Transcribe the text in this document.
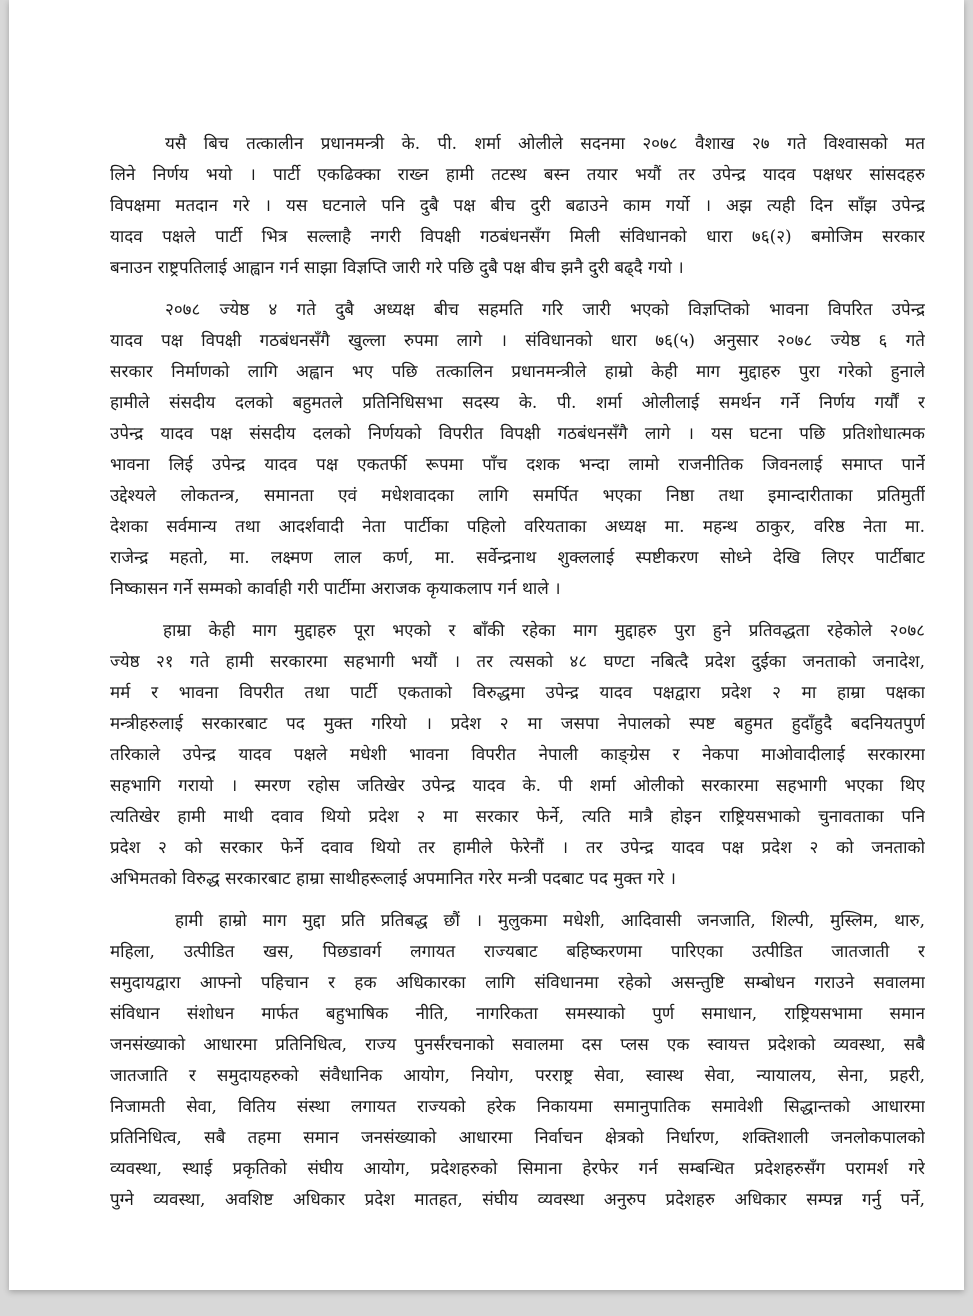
यसै बिच तत्कालीन प्रधानमन्त्री के. पी. शर्मा ओलीले सदनमा २०७८ वैशाख २७ गते विश्वासको मत
लिने निर्णय भयो । पार्टी एकढिक्का राख्न हामी तटस्थ बस्न तयार भयौं तर उपेन्द्र यादव पक्षधर सांसदहरु
विपक्षमा मतदान गरे । यस घटनाले पनि दुबै पक्ष बीच दुरी बढाउने काम गर्यो । अझ त्यही दिन साँझ उपेन्द्र
यादव पक्षले पार्टी भित्र सल्लाहै नगरी विपक्षी गठबंधनसँग मिली संविधानको धारा ७६(२) बमोजिम सरकार
बनाउन राष्ट्रपतिलाई आह्वान गर्न साझा विज्ञप्ति जारी गरे पछि दुबै पक्ष बीच झनै दुरी बढ्दै गयो ।
२०७८ ज्येष्ठ ४ गते दुबै अध्यक्ष बीच सहमति गरि जारी भएको विज्ञप्तिको भावना विपरित उपेन्द्र
यादव पक्ष विपक्षी गठबंधनसँगै खुल्ला रुपमा लागे । संविधानको धारा ७६(५) अनुसार २०७८ ज्येष्ठ ६ गते
सरकार निर्माणको लागि अह्वान भए पछि तत्कालिन प्रधानमन्त्रीले हाम्रो केही माग मुद्दाहरु पुरा गरेको हुनाले
हामीले संसदीय दलको बहुमतले प्रतिनिधिसभा सदस्य के. पी. शर्मा ओलीलाई समर्थन गर्ने निर्णय गर्यौं र
उपेन्द्र यादव पक्ष संसदीय दलको निर्णयको विपरीत विपक्षी गठबंधनसँगै लागे । यस घटना पछि प्रतिशोधात्मक
भावना लिई उपेन्द्र यादव पक्ष एकतर्फी रूपमा पाँच दशक भन्दा लामो राजनीतिक जिवनलाई समाप्त पार्ने
उद्देश्यले लोकतन्त्र, समानता एवं मधेशवादका लागि समर्पित भएका निष्ठा तथा इमान्दारीताका प्रतिमुर्ती
देशका सर्वमान्य तथा आदर्शवादी नेता पार्टीका पहिलो वरियताका अध्यक्ष मा. महन्थ ठाकुर, वरिष्ठ नेता मा.
राजेन्द्र महतो, मा. लक्ष्मण लाल कर्ण, मा. सर्वेन्द्रनाथ शुक्ललाई स्पष्टीकरण सोध्ने देखि लिएर पार्टीबाट
निष्कासन गर्ने सम्मको कार्वाही गरी पार्टीमा अराजक कृयाकलाप गर्न थाले ।
हाम्रा केही माग मुद्दाहरु पूरा भएको र बाँकी रहेका माग मुद्दाहरु पुरा हुने प्रतिवद्धता रहेकोले २०७८
ज्येष्ठ २१ गते हामी सरकारमा सहभागी भयौं । तर त्यसको ४८ घण्टा नबित्दै प्रदेश दुईका जनताको जनादेश,
मर्म र भावना विपरीत तथा पार्टी एकताको विरुद्धमा उपेन्द्र यादव पक्षद्वारा प्रदेश २ मा हाम्रा पक्षका
मन्त्रीहरुलाई सरकारबाट पद मुक्त गरियो । प्रदेश २ मा जसपा नेपालको स्पष्ट बहुमत हुदाँहुदै बदनियतपुर्ण
तरिकाले उपेन्द्र यादव पक्षले मधेशी भावना विपरीत नेपाली काङ्ग्रेस र नेकपा माओवादीलाई सरकारमा
सहभागि गरायो । स्मरण रहोस जतिखेर उपेन्द्र यादव के. पी शर्मा ओलीको सरकारमा सहभागी भएका थिए
त्यतिखेर हामी माथी दवाव थियो प्रदेश २ मा सरकार फेर्ने, त्यति मात्रै होइन राष्ट्रियसभाको चुनावताका पनि
प्रदेश २ को सरकार फेर्ने दवाव थियो तर हामीले फेरेनौं । तर उपेन्द्र यादव पक्ष प्रदेश २ को जनताको
अभिमतको विरुद्ध सरकारबाट हाम्रा साथीहरूलाई अपमानित गरेर मन्त्री पदबाट पद मुक्त गरे ।
हामी हाम्रो माग मुद्दा प्रति प्रतिबद्ध छौं । मुलुकमा मधेशी, आदिवासी जनजाति, शिल्पी, मुस्लिम, थारु,
महिला, उत्पीडित खस, पिछडावर्ग लगायत राज्यबाट बहिष्करणमा पारिएका उत्पीडित जातजाती र
समुदायद्वारा आफ्नो पहिचान र हक अधिकारका लागि संविधानमा रहेको असन्तुष्टि सम्बोधन गराउने सवालमा
संविधान संशोधन मार्फत बहुभाषिक नीति, नागरिकता समस्याको पुर्ण समाधान, राष्ट्रियसभामा समान
जनसंख्याको आधारमा प्रतिनिधित्व, राज्य पुनर्संरचनाको सवालमा दस प्लस एक स्वायत्त प्रदेशको व्यवस्था, सबै
जातजाति र समुदायहरुको संवैधानिक आयोग, नियोग, परराष्ट्र सेवा, स्वास्थ सेवा, न्यायालय, सेना, प्रहरी,
निजामती सेवा, वितिय संस्था लगायत राज्यको हरेक निकायमा समानुपातिक समावेशी सिद्धान्तको आधारमा
प्रतिनिधित्व, सबै तहमा समान जनसंख्याको आधारमा निर्वाचन क्षेत्रको निर्धारण, शक्तिशाली जनलोकपालको
व्यवस्था, स्थाई प्रकृतिको संघीय आयोग, प्रदेशहरुको सिमाना हेरफेर गर्न सम्बन्धित प्रदेशहरुसँग परामर्श गरे
पुग्ने व्यवस्था, अवशिष्ट अधिकार प्रदेश मातहत, संघीय व्यवस्था अनुरुप प्रदेशहरु अधिकार सम्पन्न गर्नु पर्ने,
